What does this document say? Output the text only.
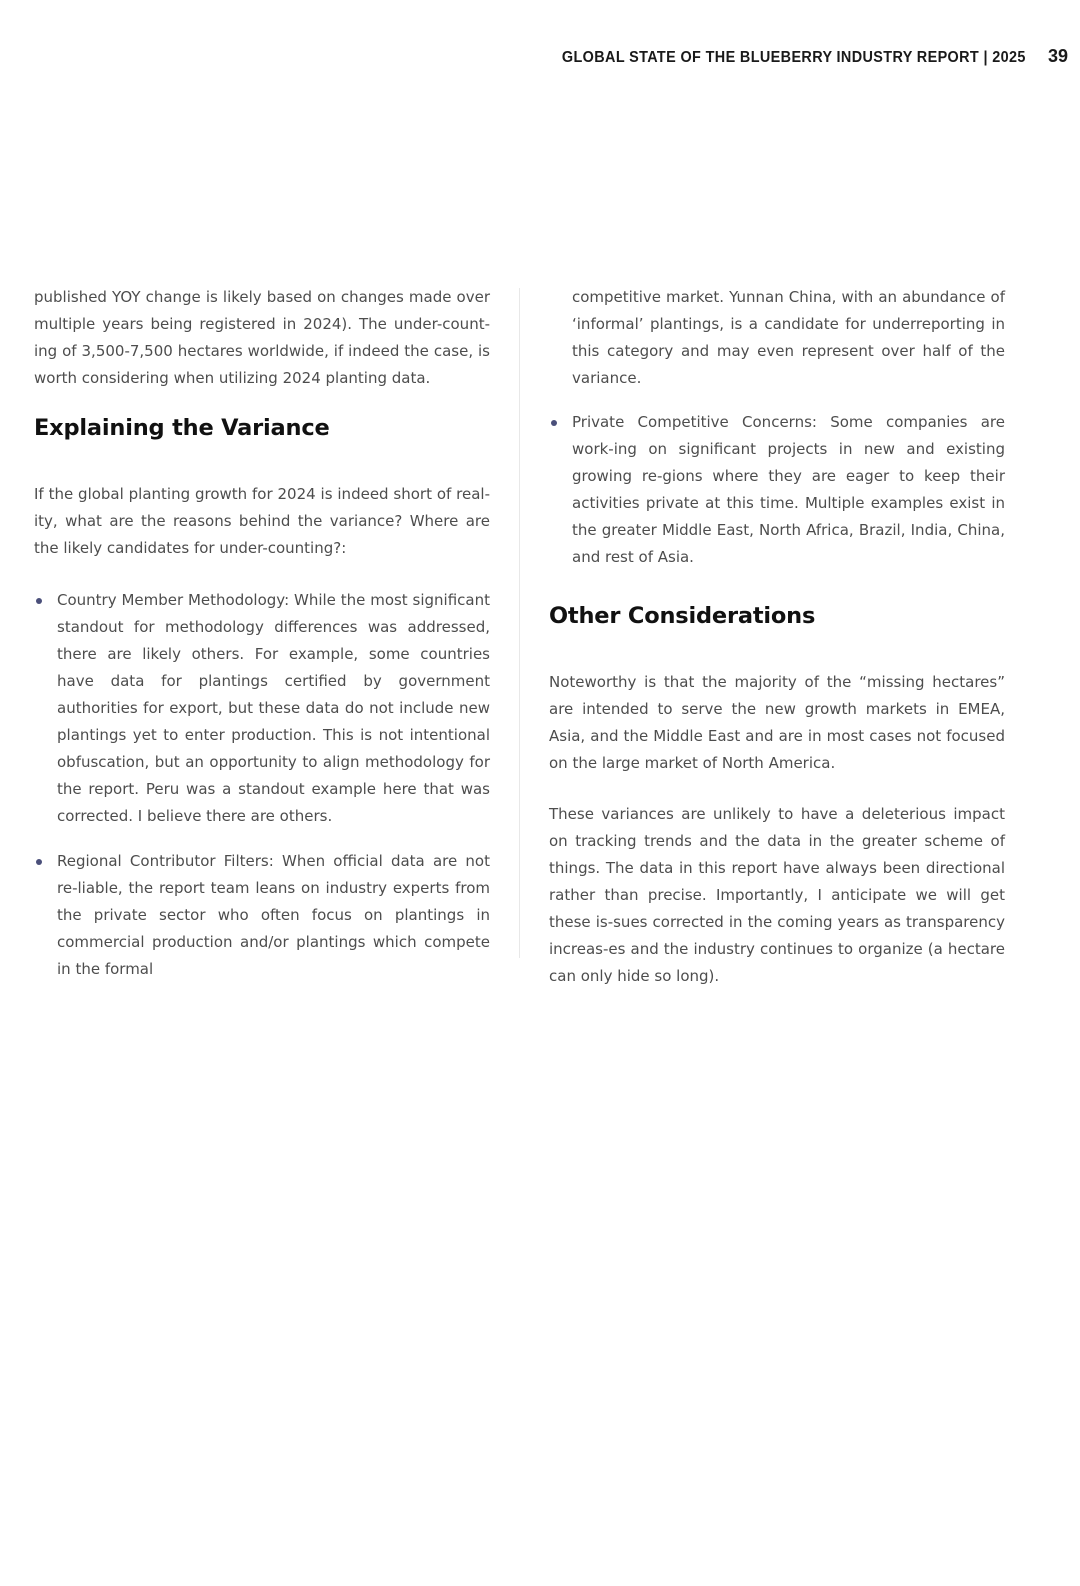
GLOBAL STATE OF THE BLUEBERRY INDUSTRY REPORT | 2025 39

published YOY change is likely based on changes made over multiple years being registered in 2024). The under-count-ing of 3,500-7,500 hectares worldwide, if indeed the case, is worth considering when utilizing 2024 planting data.

Explaining the Variance

If the global planting growth for 2024 is indeed short of real-ity, what are the reasons behind the variance? Where are the likely candidates for under-counting?:

Country Member Methodology: While the most significant standout for methodology differences was addressed, there are likely others. For example, some countries have data for plantings certified by government authorities for export, but these data do not include new plantings yet to enter production. This is not intentional obfuscation, but an opportunity to align methodology for the report. Peru was a standout example here that was corrected. I believe there are others.
Regional Contributor Filters: When official data are not re-liable, the report team leans on industry experts from the private sector who often focus on plantings in commercial production and/or plantings which compete in the formal

competitive market. Yunnan China, with an abundance of ‘informal’ plantings, is a candidate for underreporting in this category and may even represent over half of the variance.

Private Competitive Concerns: Some companies are work-ing on significant projects in new and existing growing re-gions where they are eager to keep their activities private at this time. Multiple examples exist in the greater Middle East, North Africa, Brazil, India, China, and rest of Asia.
Other Considerations

Noteworthy is that the majority of the “missing hectares” are intended to serve the new growth markets in EMEA, Asia, and the Middle East and are in most cases not focused on the large market of North America.

These variances are unlikely to have a deleterious impact on tracking trends and the data in the greater scheme of things. The data in this report have always been directional rather than precise. Importantly, I anticipate we will get these is-sues corrected in the coming years as transparency increas-es and the industry continues to organize (a hectare can only hide so long).
